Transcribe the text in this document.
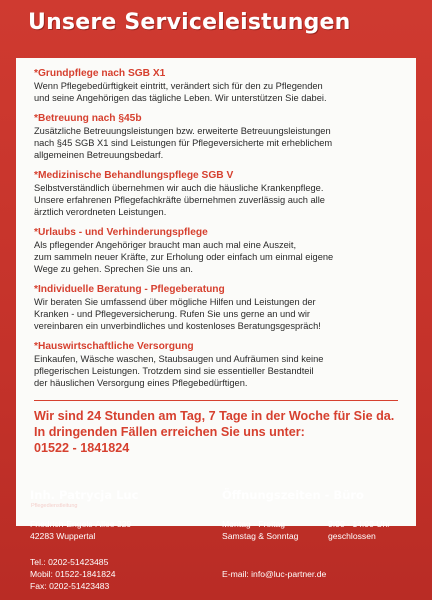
Unsere Serviceleistungen
*Grundpflege nach SGB X1
Wenn Pflegebedürftigkeit eintritt, verändert sich für den zu Pflegenden
und seine Angehörigen das tägliche Leben. Wir unterstützen Sie dabei.
*Betreuung nach §45b
Zusätzliche Betreuungsleistungen bzw. erweiterte Betreuungsleistungen
nach §45 SGB X1 sind Leistungen für Pflegeversicherte mit erheblichem
allgemeinen Betreuungsbedarf.
*Medizinische Behandlungspflege SGB V
Selbstverständlich übernehmen wir auch die häusliche Krankenpflege.
Unsere erfahrenen Pflegefachkräfte übernehmen zuverlässig auch alle
ärztlich verordneten Leistungen.
*Urlaubs - und Verhinderungspflege
Als pflegender Angehöriger braucht man auch mal eine Auszeit,
zum sammeln neuer Kräfte, zur Erholung oder einfach um einmal eigene
Wege zu gehen. Sprechen Sie uns an.
*Individuelle Beratung - Pflegeberatung
Wir beraten Sie umfassend über mögliche Hilfen und Leistungen der
Kranken - und Pflegeversicherung. Rufen Sie uns gerne an und wir
vereinbaren ein unverbindliches und kostenloses Beratungsgespräch!
*Hauswirtschaftliche Versorgung
Einkaufen, Wäsche waschen, Staubsaugen und Aufräumen sind keine
pflegerischen Leistungen. Trotzdem sind sie essentieller Bestandteil
der häuslichen Versorgung eines Pflegebedürftigen.
Wir sind 24 Stunden am Tag, 7 Tage in der Woche für Sie da.
In dringenden Fällen erreichen Sie uns unter:
01522 - 1841824
Inh. Patrycja Luc
Pflegedienstleitung
Öffnungszeiten - Büro
Friedrich-Engels-Allee 329
42283 Wuppertal
Montag - Freitag	9:00 - 14:00 Uhr
Samstag & Sonntag	geschlossen
Tel.: 0202-51423485
Mobil: 01522-1841824
Fax: 0202-51423483
E-mail: info@luc-partner.de
